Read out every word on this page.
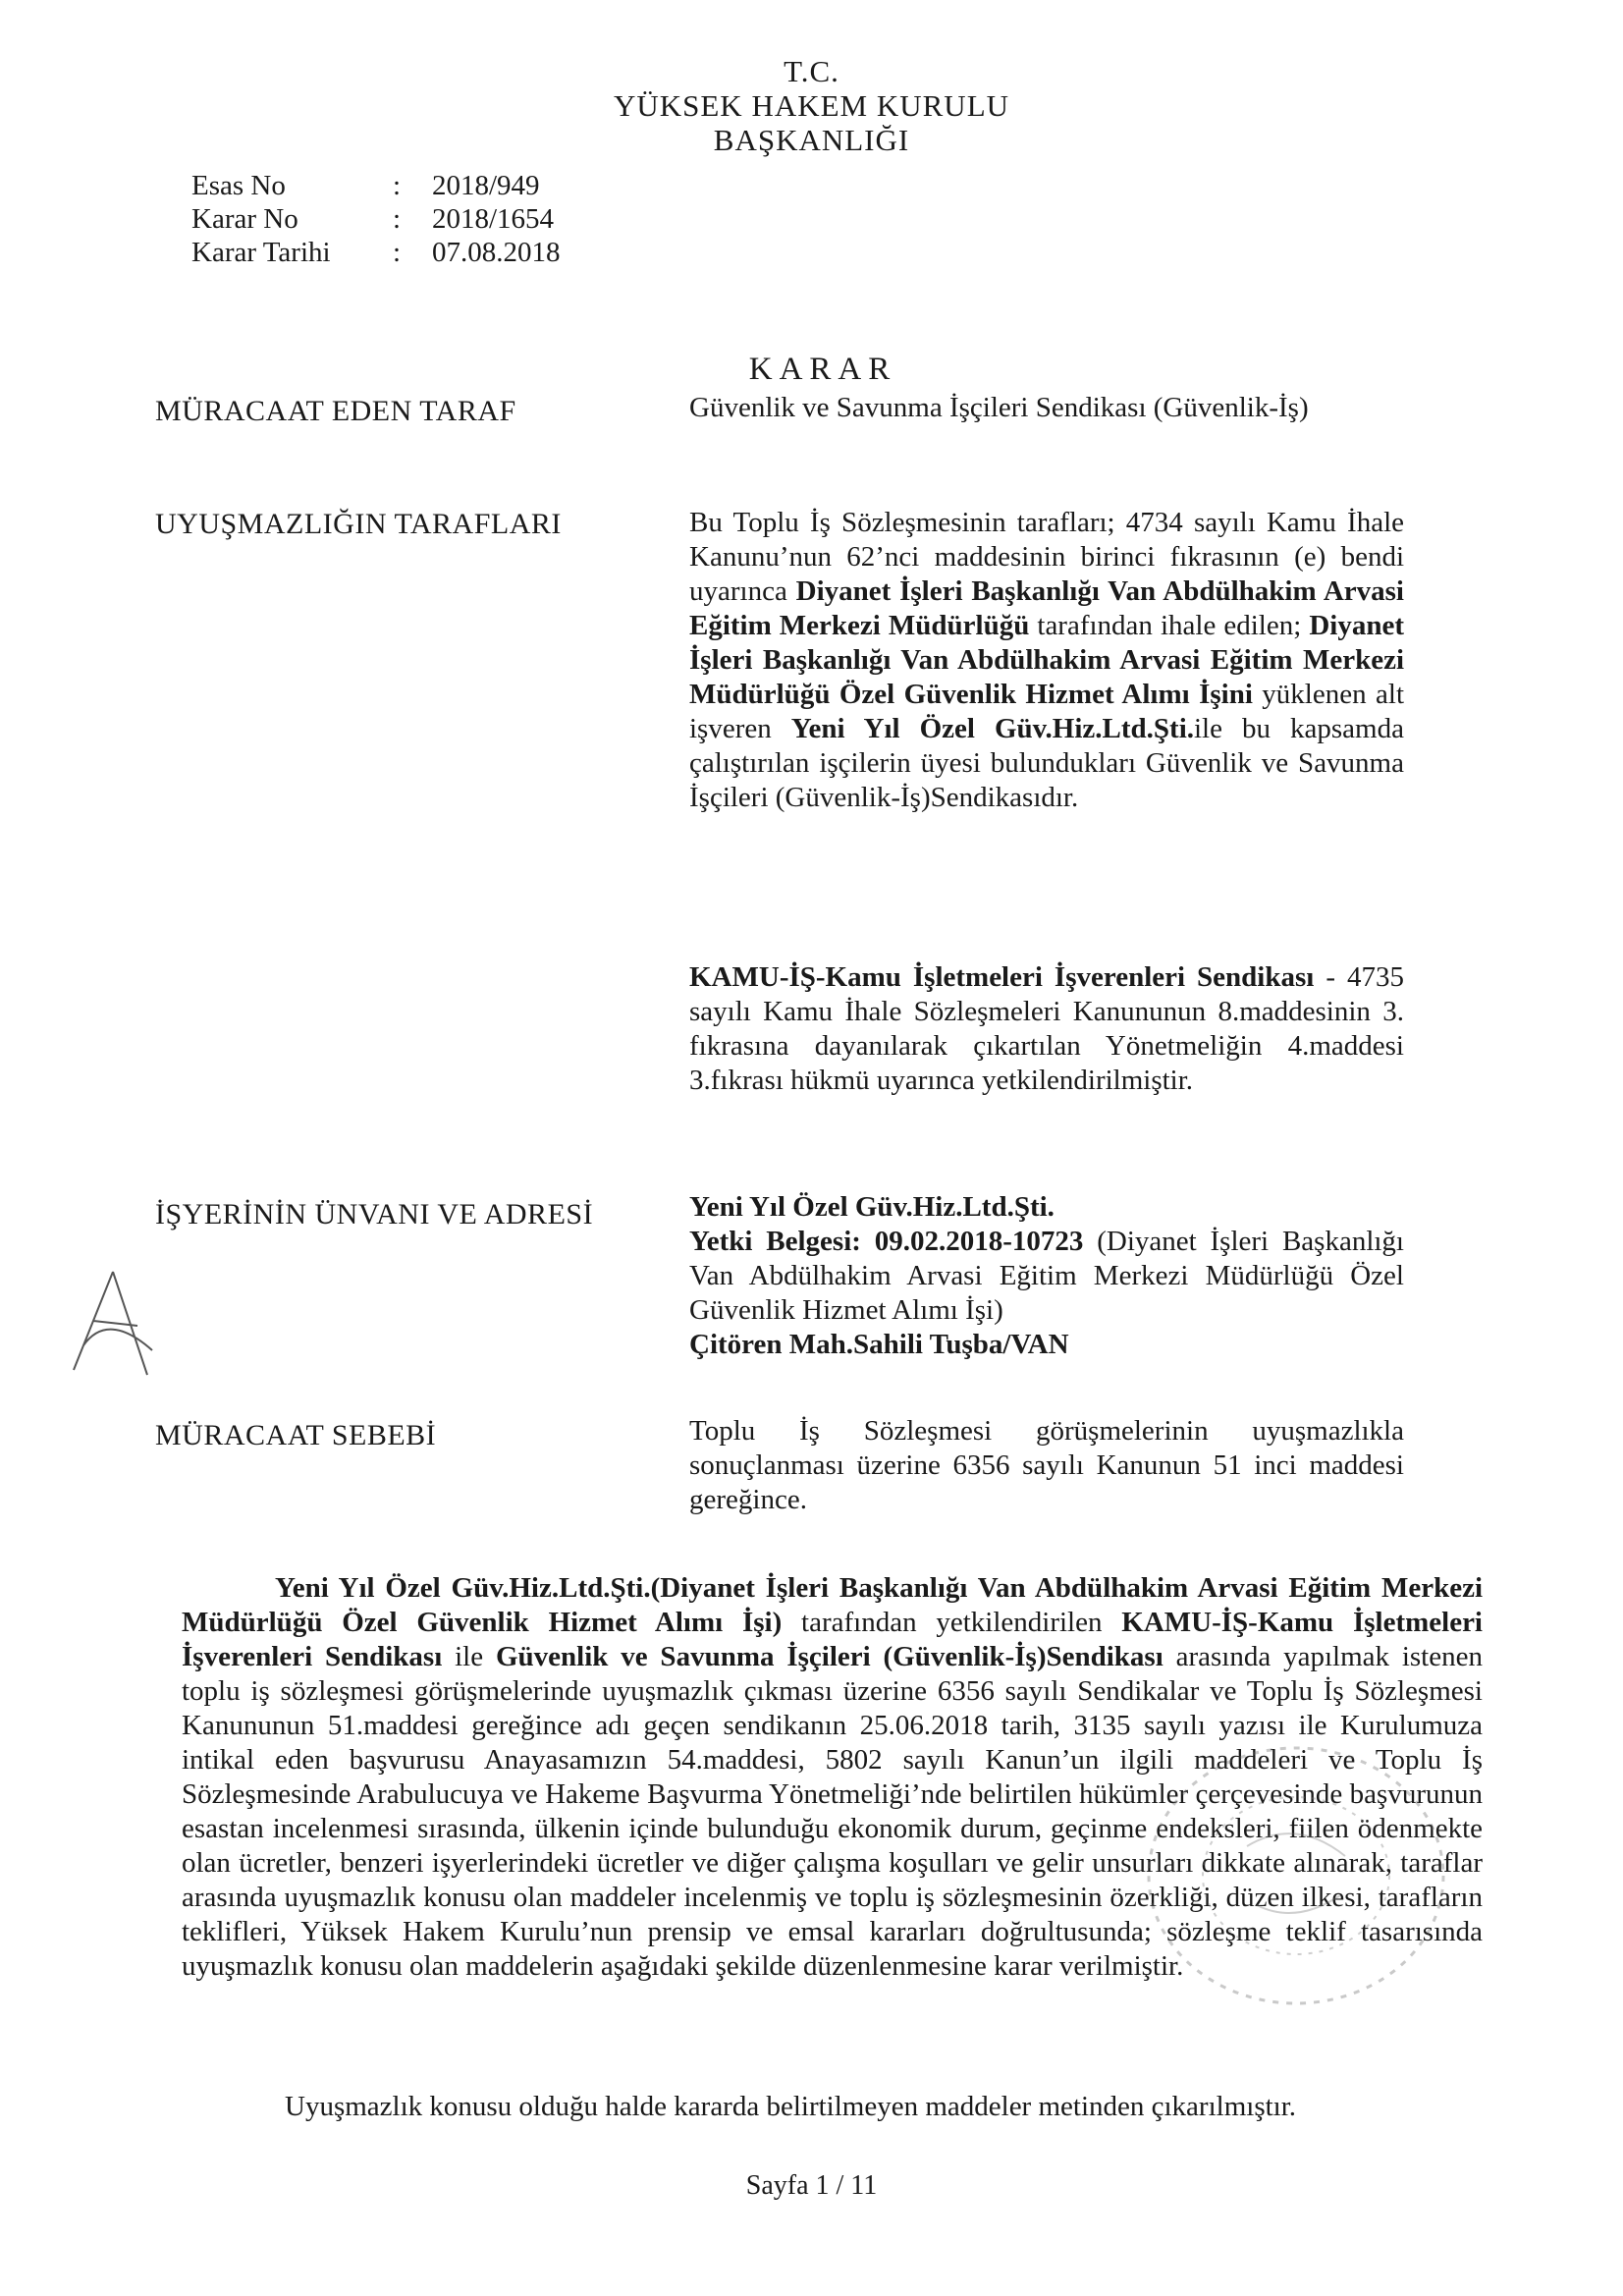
T.C.
YÜKSEK HAKEM KURULU
BAŞKANLIĞI
Esas No	:	2018/949
Karar No	:	2018/1654
Karar Tarihi	:	07.08.2018
KARAR
MÜRACAAT EDEN TARAF	Güvenlik ve Savunma İşçileri Sendikası (Güvenlik-İş)
UYUŞMAZLIĞIN TARAFLARI	Bu Toplu İş Sözleşmesinin tarafları; 4734 sayılı Kamu İhale Kanunu’nun 62’nci maddesinin birinci fıkrasının (e) bendi uyarınca Diyanet İşleri Başkanlığı Van Abdülhakim Arvasi Eğitim Merkezi Müdürlüğü tarafından ihale edilen; Diyanet İşleri Başkanlığı Van Abdülhakim Arvasi Eğitim Merkezi Müdürlüğü Özel Güvenlik Hizmet Alımı İşini yüklenen alt işveren Yeni Yıl Özel Güv.Hiz.Ltd.Şti.ile bu kapsamda çalıştırılan işçilerin üyesi bulundukları Güvenlik ve Savunma İşçileri (Güvenlik-İş)Sendikasıdır.
KAMU-İŞ-Kamu İşletmeleri İşverenleri Sendikası - 4735 sayılı Kamu İhale Sözleşmeleri Kanununun 8.maddesinin 3. fıkrasına dayanılarak çıkartılan Yönetmeliğin 4.maddesi 3.fıkrası hükmü uyarınca yetkilendirilmiştir.
İŞYERİNİN ÜNVANI VE ADRESİ	Yeni Yıl Özel Güv.Hiz.Ltd.Şti.
Yetki Belgesi: 09.02.2018-10723 (Diyanet İşleri Başkanlığı Van Abdülhakim Arvasi Eğitim Merkezi Müdürlüğü Özel Güvenlik Hizmet Alımı İşi)
Çitören Mah.Sahili Tuşba/VAN
MÜRACAAT SEBEBİ	Toplu İş Sözleşmesi görüşmelerinin uyuşmazlıkla sonuçlanması üzerine 6356 sayılı Kanunun 51 inci maddesi gereğince.
Yeni Yıl Özel Güv.Hiz.Ltd.Şti.(Diyanet İşleri Başkanlığı Van Abdülhakim Arvasi Eğitim Merkezi Müdürlüğü Özel Güvenlik Hizmet Alımı İşi) tarafından yetkilendirilen KAMU-İŞ-Kamu İşletmeleri İşverenleri Sendikası ile Güvenlik ve Savunma İşçileri (Güvenlik-İş)Sendikası arasında yapılmak istenen toplu iş sözleşmesi görüşmelerinde uyuşmazlık çıkması üzerine 6356 sayılı Sendikalar ve Toplu İş Sözleşmesi Kanununun 51.maddesi gereğince adı geçen sendikanın 25.06.2018 tarih, 3135 sayılı yazısı ile Kurulumuza intikal eden başvurusu Anayasamızın 54.maddesi, 5802 sayılı Kanun’un ilgili maddeleri ve Toplu İş Sözleşmesinde Arabulucuya ve Hakeme Başvurma Yönetmeliği’nde belirtilen hükümler çerçevesinde başvurunun esastan incelenmesi sırasında, ülkenin içinde bulunduğu ekonomik durum, geçinme endeksleri, fiilen ödenmekte olan ücretler, benzeri işyerlerindeki ücretler ve diğer çalışma koşulları ve gelir unsurları dikkate alınarak, taraflar arasında uyuşmazlık konusu olan maddeler incelenmiş ve toplu iş sözleşmesinin özerkliği, düzen ilkesi, tarafların teklifleri, Yüksek Hakem Kurulu’nun prensip ve emsal kararları doğrultusunda; sözleşme teklif tasarısında uyuşmazlık konusu olan maddelerin aşağıdaki şekilde düzenlenmesine karar verilmiştir.
Uyuşmazlık konusu olduğu halde kararda belirtilmeyen maddeler metinden çıkarılmıştır.
Sayfa 1 / 11
